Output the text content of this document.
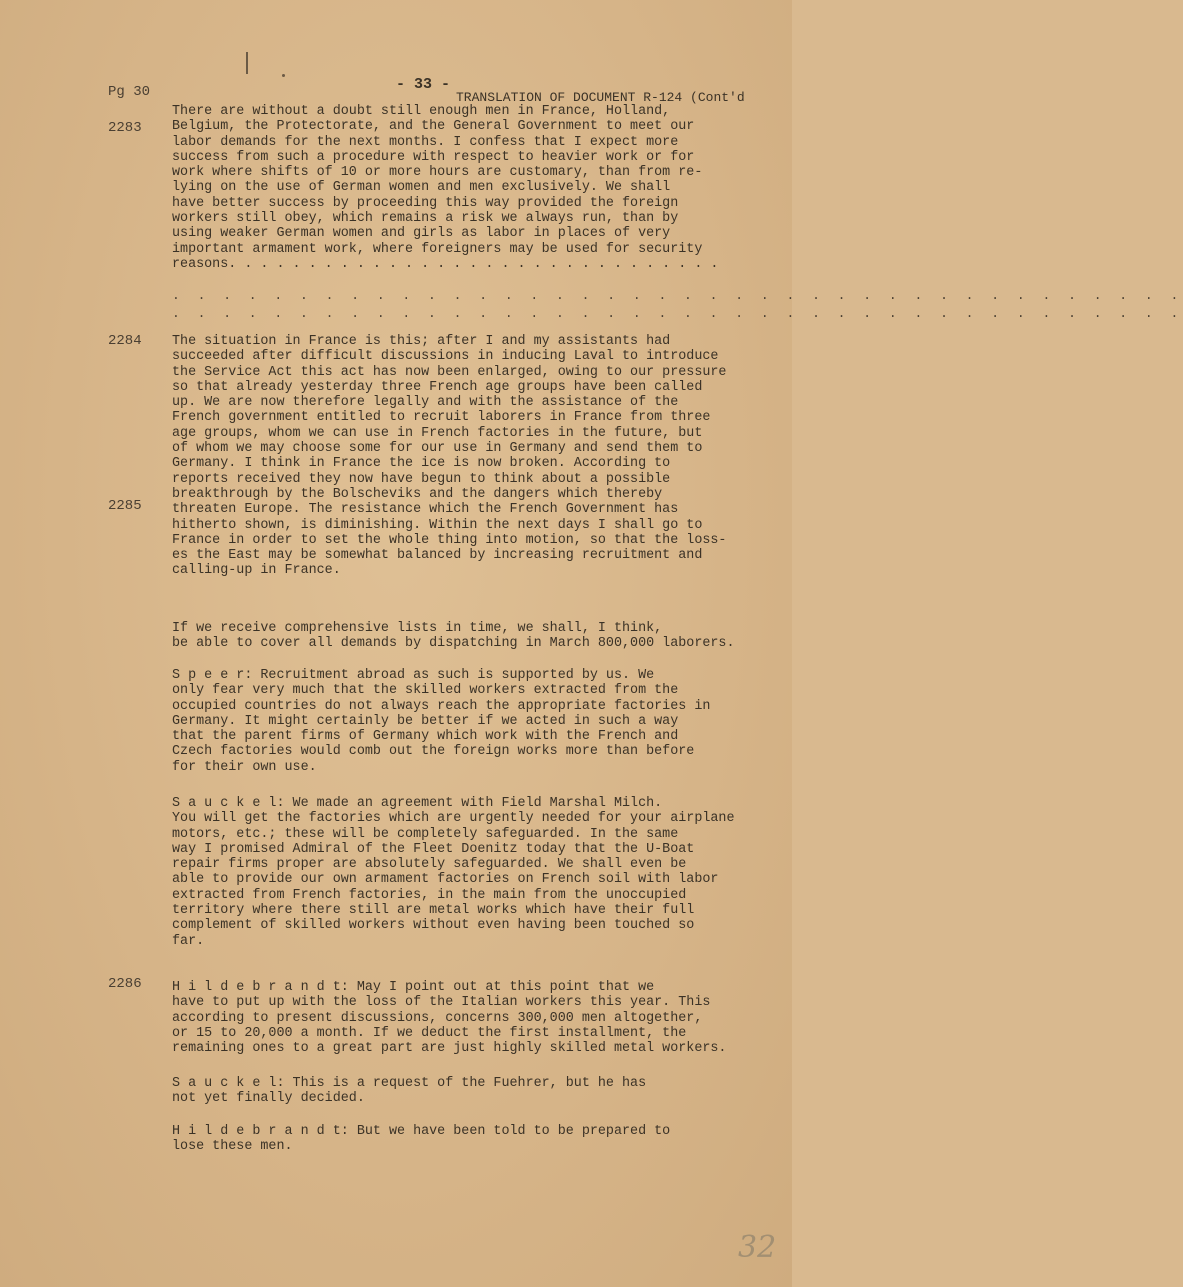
Pg 30	- 33 -
TRANSLATION OF DOCUMENT R-124 (Cont'd
2283
2284
2285
2286

There are without a doubt still enough men in France, Holland,
Belgium, the Protectorate, and the General Government to meet our
labor demands for the next months. I confess that I expect more
success from such a procedure with respect to heavier work or for
work where shifts of 10 or more hours are customary, than from re-
lying on the use of German women and men exclusively. We shall
have better success by proceeding this way provided the foreign
workers still obey, which remains a risk we always run, than by
using weaker German women and girls as labor in places of very
important armament work, where foreigners may be used for security
reasons. . . . . . . . . . . . . . . . . . . . . . . . . . . . . . .

. . . . . . . . . . . . . . . . . . . . . . . . . . . . . . . . . . . . . . . .
. . . . . . . . . . . . . . . . . . . . . . . . . . . . . . . . . . . . . . . .

The situation in France is this; after I and my assistants had
succeeded after difficult discussions in inducing Laval to introduce
the Service Act this act has now been enlarged, owing to our pressure
so that already yesterday three French age groups have been called
up. We are now therefore legally and with the assistance of the
French government entitled to recruit laborers in France from three
age groups, whom we can use in French factories in the future, but
of whom we may choose some for our use in Germany and send them to
Germany. I think in France the ice is now broken. According to
reports received they now have begun to think about a possible
breakthrough by the Bolscheviks and the dangers which thereby
threaten Europe. The resistance which the French Government has
hitherto shown, is diminishing. Within the next days I shall go to
France in order to set the whole thing into motion, so that the loss-
es the East may be somewhat balanced by increasing recruitment and
calling-up in France.

If we receive comprehensive lists in time, we shall, I think,
be able to cover all demands by dispatching in March 800,000 laborers.

S p e e r: Recruitment abroad as such is supported by us. We
only fear very much that the skilled workers extracted from the
occupied countries do not always reach the appropriate factories in
Germany. It might certainly be better if we acted in such a way
that the parent firms of Germany which work with the French and
Czech factories would comb out the foreign works more than before
for their own use.

S a u c k e l: We made an agreement with Field Marshal Milch.
You will get the factories which are urgently needed for your airplane
motors, etc.; these will be completely safeguarded. In the same
way I promised Admiral of the Fleet Doenitz today that the U-Boat
repair firms proper are absolutely safeguarded. We shall even be
able to provide our own armament factories on French soil with labor
extracted from French factories, in the main from the unoccupied
territory where there still are metal works which have their full
complement of skilled workers without even having been touched so
far.

H i l d e b r a n d t: May I point out at this point that we
have to put up with the loss of the Italian workers this year. This
according to present discussions, concerns 300,000 men altogether,
or 15 to 20,000 a month. If we deduct the first installment, the
remaining ones to a great part are just highly skilled metal workers.

S a u c k e l: This is a request of the Fuehrer, but he has
not yet finally decided.

H i l d e b r a n d t: But we have been told to be prepared to
lose these men.

32
